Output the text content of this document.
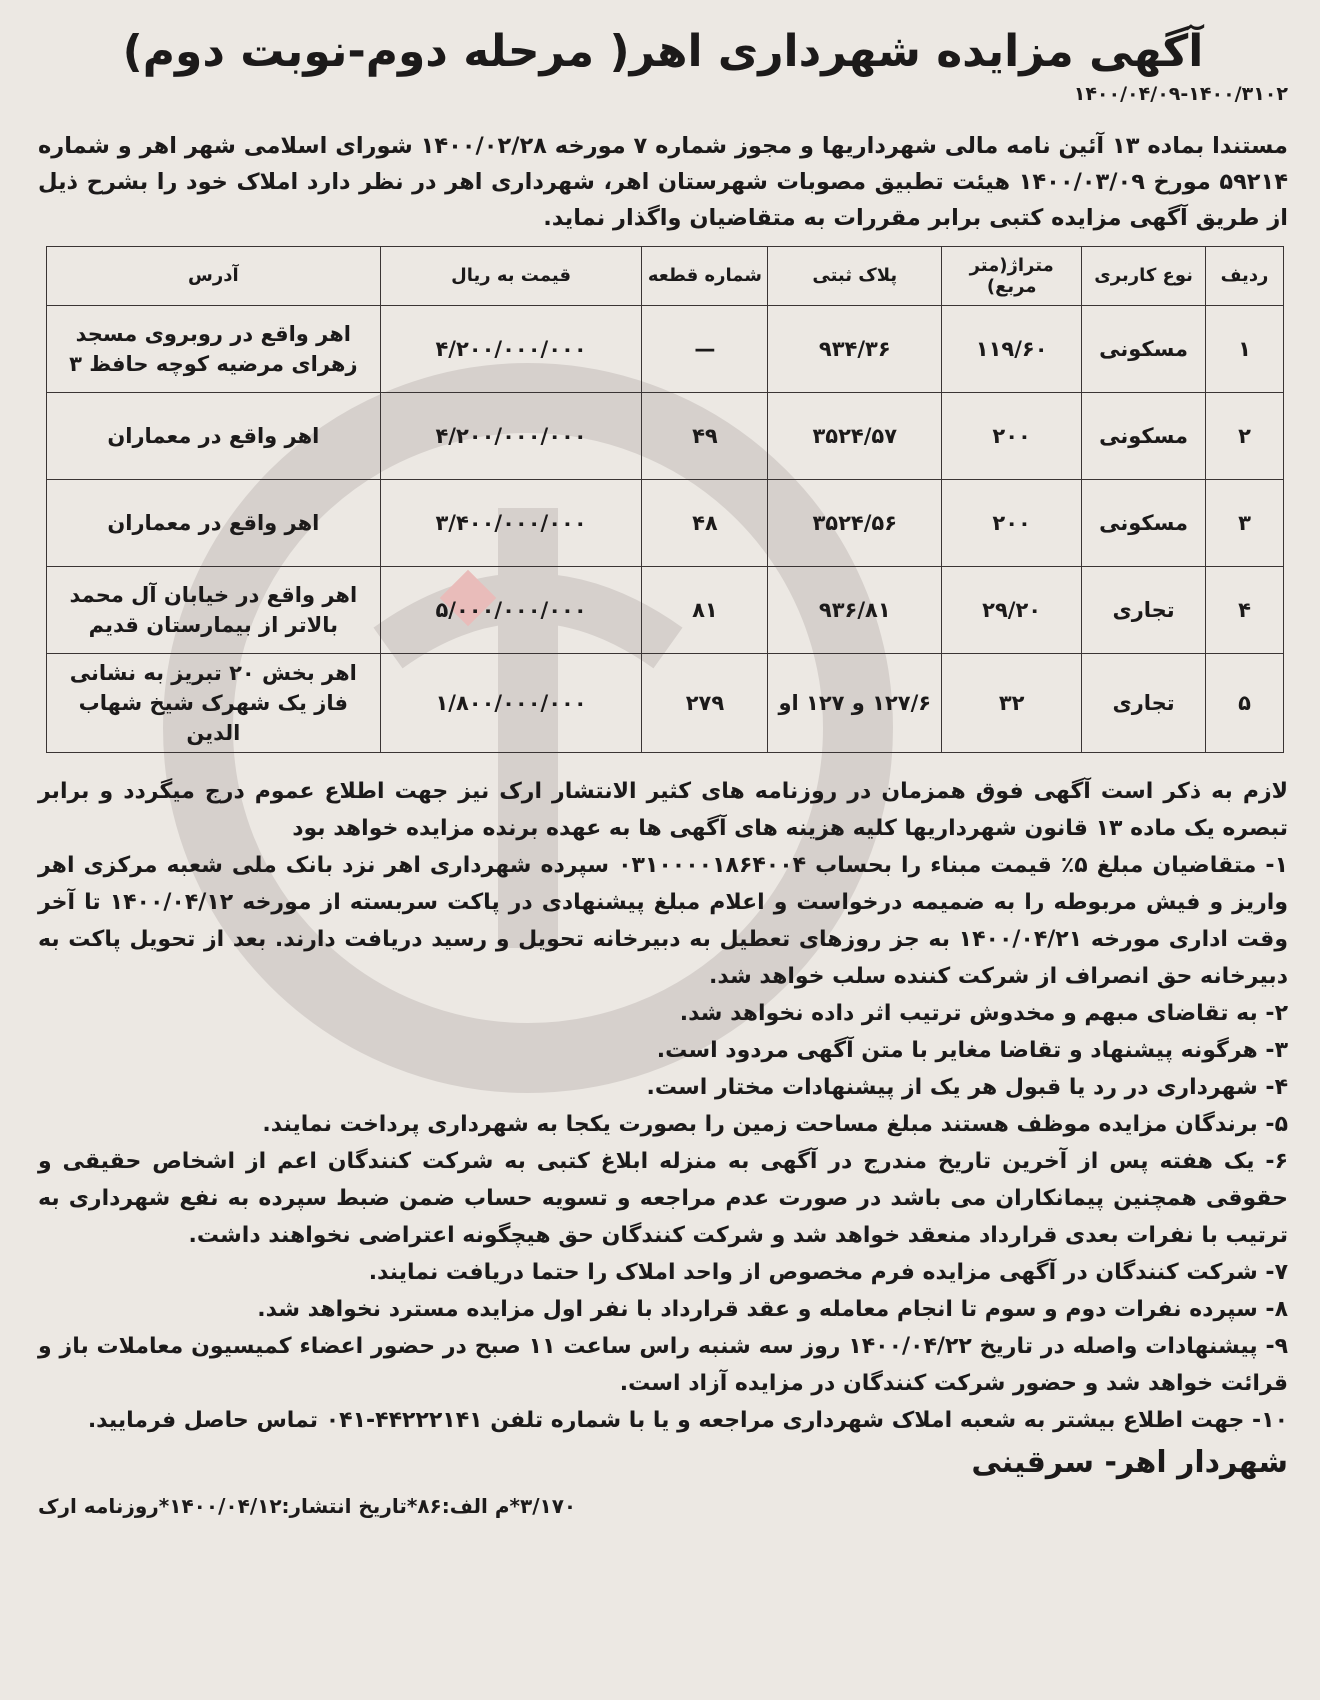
آگهی مزایده شهرداری اهر( مرحله دوم-نوبت دوم)
۱۴۰۰/۰۴/۰۹-۱۴۰۰/۳۱۰۲

مستندا بماده ۱۳ آئین نامه مالی شهرداریها و مجوز شماره ۷ مورخه ۱۴۰۰/۰۲/۲۸ شورای اسلامی شهر اهر و شماره ۵۹۲۱۴ مورخ ۱۴۰۰/۰۳/۰۹ هیئت تطبیق مصوبات شهرستان اهر، شهرداری اهر در نظر دارد املاک خود را بشرح ذیل از طریق آگهی مزایده کتبی برابر مقررات به متقاضیان واگذار نماید.

ردیف	نوع کاربری	متراژ(متر مربع)	پلاک ثبتی	شماره قطعه	قیمت به ریال	آدرس
۱	مسکونی	۱۱۹/۶۰	۹۳۴/۳۶	—	۴/۲۰۰/۰۰۰/۰۰۰	اهر واقع در روبروی مسجد زهرای مرضیه کوچه حافظ ۳
۲	مسکونی	۲۰۰	۳۵۲۴/۵۷	۴۹	۴/۲۰۰/۰۰۰/۰۰۰	اهر واقع در معماران
۳	مسکونی	۲۰۰	۳۵۲۴/۵۶	۴۸	۳/۴۰۰/۰۰۰/۰۰۰	اهر واقع در معماران
۴	تجاری	۲۹/۲۰	۹۳۶/۸۱	۸۱	۵/۰۰۰/۰۰۰/۰۰۰	اهر واقع در خیابان آل محمد بالاتر از بیمارستان قدیم
۵	تجاری	۳۲	۱۲۷/۶ و ۱۲۷ او	۲۷۹	۱/۸۰۰/۰۰۰/۰۰۰	اهر بخش ۲۰ تبریز به نشانی فاز یک شهرک شیخ شهاب الدین

لازم به ذکر است آگهی فوق همزمان در روزنامه های کثیر الانتشار ارک نیز جهت اطلاع عموم درج میگردد و برابر تبصره یک ماده ۱۳ قانون شهرداریها کلیه هزینه های آگهی ها به عهده برنده مزایده خواهد بود

۱- متقاضیان مبلغ ۵٪ قیمت مبناء را بحساب ۰۳۱۰۰۰۰۱۸۶۴۰۰۴ سپرده شهرداری اهر نزد بانک ملی شعبه مرکزی اهر واریز و فیش مربوطه را به ضمیمه درخواست و اعلام مبلغ پیشنهادی در پاکت سربسته از مورخه ۱۴۰۰/۰۴/۱۲ تا آخر وقت اداری مورخه ۱۴۰۰/۰۴/۲۱ به جز روزهای تعطیل به دبیرخانه تحویل و رسید دریافت دارند. بعد از تحویل پاکت به دبیرخانه حق انصراف از شرکت کننده سلب خواهد شد.

۲- به تقاضای مبهم و مخدوش ترتیب اثر داده نخواهد شد.

۳- هرگونه پیشنهاد و تقاضا مغایر با متن آگهی مردود است.

۴- شهرداری در رد یا قبول هر یک از پیشنهادات مختار است.

۵- برندگان مزایده موظف هستند مبلغ مساحت زمین را بصورت یکجا به شهرداری پرداخت نمایند.

۶- یک هفته پس از آخرین تاریخ مندرج در آگهی به منزله ابلاغ کتبی به شرکت کنندگان اعم از اشخاص حقیقی و حقوقی همچنین پیمانکاران می باشد در صورت عدم مراجعه و تسویه حساب ضمن ضبط سپرده به نفع شهرداری به ترتیب با نفرات بعدی قرارداد منعقد خواهد شد و شرکت کنندگان حق هیچگونه اعتراضی نخواهند داشت.

۷- شرکت کنندگان در آگهی مزایده فرم مخصوص از واحد املاک را حتما دریافت نمایند.

۸- سپرده نفرات دوم و سوم تا انجام معامله و عقد قرارداد با نفر اول مزایده مسترد نخواهد شد.

۹- پیشنهادات واصله در تاریخ ۱۴۰۰/۰۴/۲۲ روز سه شنبه راس ساعت ۱۱ صبح در حضور اعضاء کمیسیون معاملات باز و قرائت خواهد شد و حضور شرکت کنندگان در مزایده آزاد است.

۱۰- جهت اطلاع بیشتر به شعبه املاک شهرداری مراجعه و یا با شماره تلفن ۴۴۲۲۲۱۴۱-۰۴۱ تماس حاصل فرمایید.

شهردار اهر- سرقینی
۳/۱۷۰*م الف:۸۶*تاریخ انتشار:۱۴۰۰/۰۴/۱۲*روزنامه ارک
